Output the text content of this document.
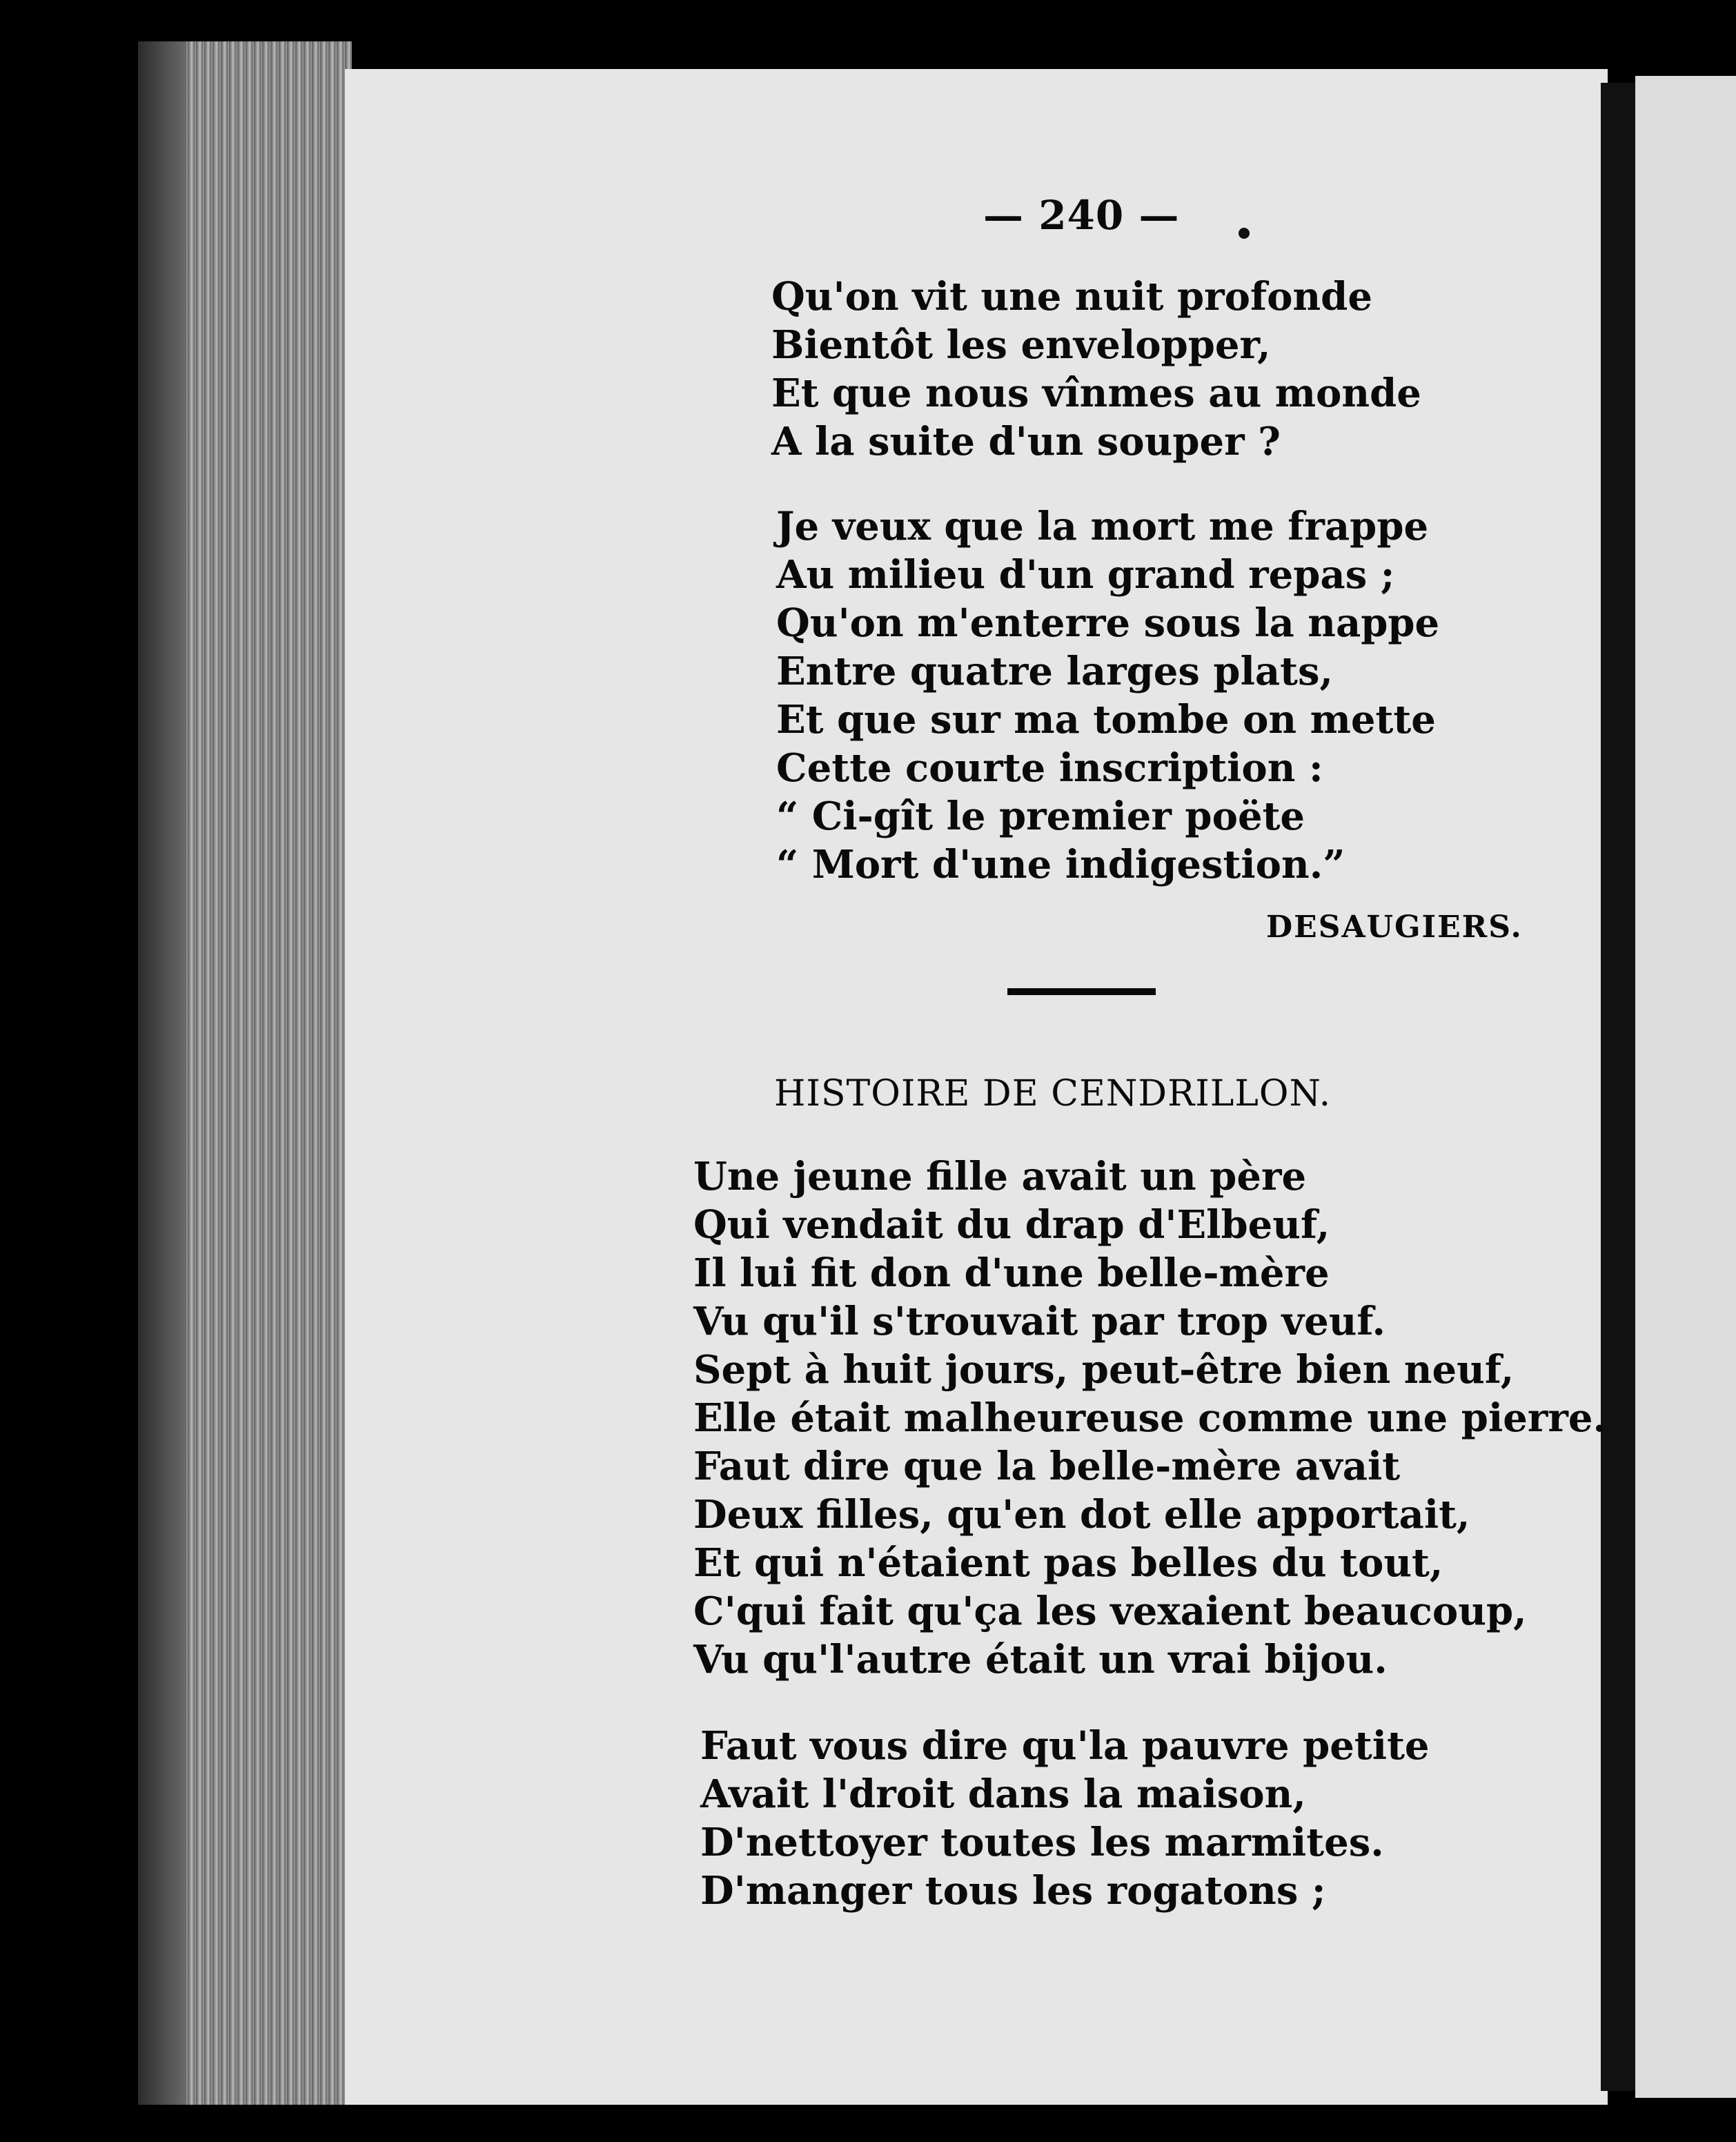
— 240 —
Qu'on vit une nuit profonde
Bientôt les envelopper,
Et que nous vînmes au monde
A la suite d'un souper ?
Je veux que la mort me frappe
Au milieu d'un grand repas ;
Qu'on m'enterre sous la nappe
Entre quatre larges plats,
Et que sur ma tombe on mette
Cette courte inscription :
“ Ci-gît le premier poëte
“ Mort d'une indigestion.”
DESAUGIERS.
HISTOIRE DE CENDRILLON.
Une jeune fille avait un père
Qui vendait du drap d'Elbeuf,
Il lui fit don d'une belle-mère
Vu qu'il s'trouvait par trop veuf.
Sept à huit jours, peut-être bien neuf,
Elle était malheureuse comme une pierre.
Faut dire que la belle-mère avait
Deux filles, qu'en dot elle apportait,
Et qui n'étaient pas belles du tout,
C'qui fait qu'ça les vexaient beaucoup,
Vu qu'l'autre était un vrai bijou.
Faut vous dire qu'la pauvre petite
Avait l'droit dans la maison,
D'nettoyer toutes les marmites.
D'manger tous les rogatons ;
